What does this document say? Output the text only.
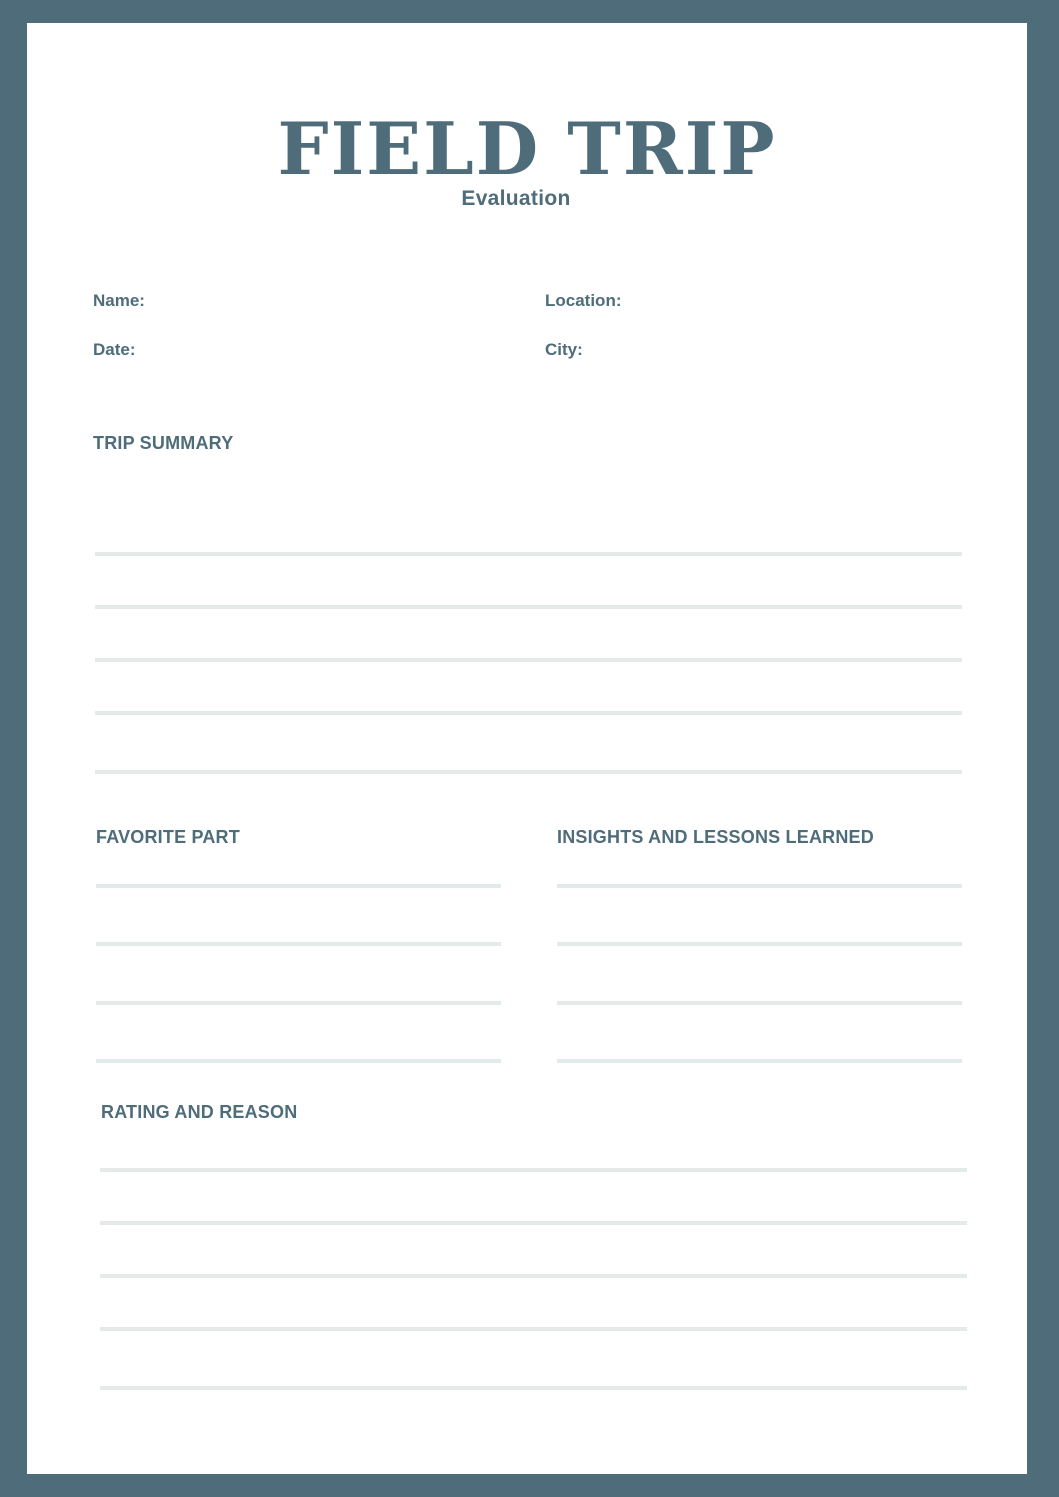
FIELD TRIP
Evaluation
Name:	Location:
Date:	City:
TRIP SUMMARY
FAVORITE PART	INSIGHTS AND LESSONS LEARNED
RATING AND REASON
